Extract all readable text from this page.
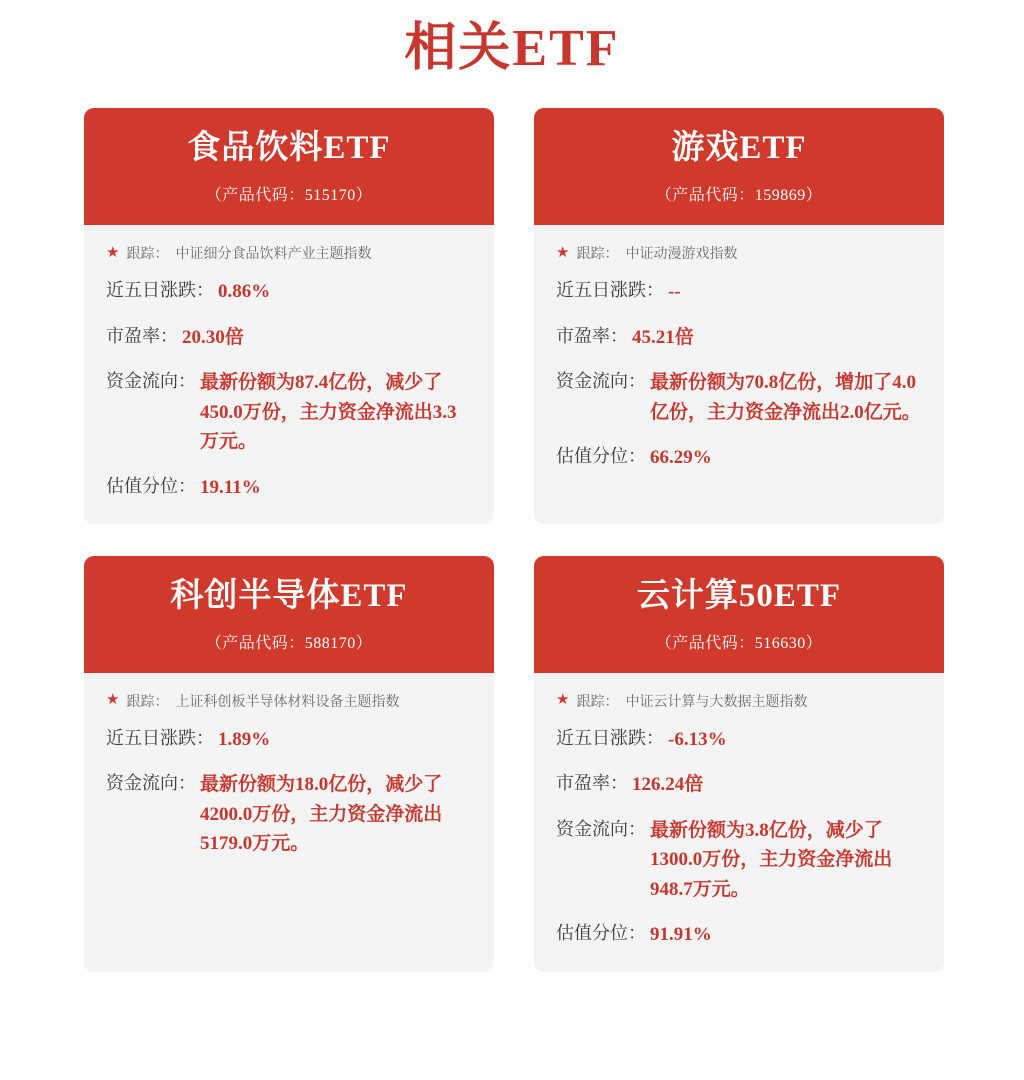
相关ETF
食品饮料ETF
（产品代码：515170）
★ 跟踪： 中证细分食品饮料产业主题指数
近五日涨跌： 0.86%
市盈率： 20.30倍
资金流向： 最新份额为87.4亿份，减少了450.0万份，主力资金净流出3.3万元。
估值分位： 19.11%
游戏ETF
（产品代码：159869）
★ 跟踪： 中证动漫游戏指数
近五日涨跌： --
市盈率： 45.21倍
资金流向： 最新份额为70.8亿份，增加了4.0亿份，主力资金净流出2.0亿元。
估值分位： 66.29%
科创半导体ETF
（产品代码：588170）
★ 跟踪： 上证科创板半导体材料设备主题指数
近五日涨跌： 1.89%
资金流向： 最新份额为18.0亿份，减少了4200.0万份，主力资金净流出5179.0万元。
云计算50ETF
（产品代码：516630）
★ 跟踪： 中证云计算与大数据主题指数
近五日涨跌： -6.13%
市盈率： 126.24倍
资金流向： 最新份额为3.8亿份，减少了1300.0万份，主力资金净流出948.7万元。
估值分位： 91.91%
